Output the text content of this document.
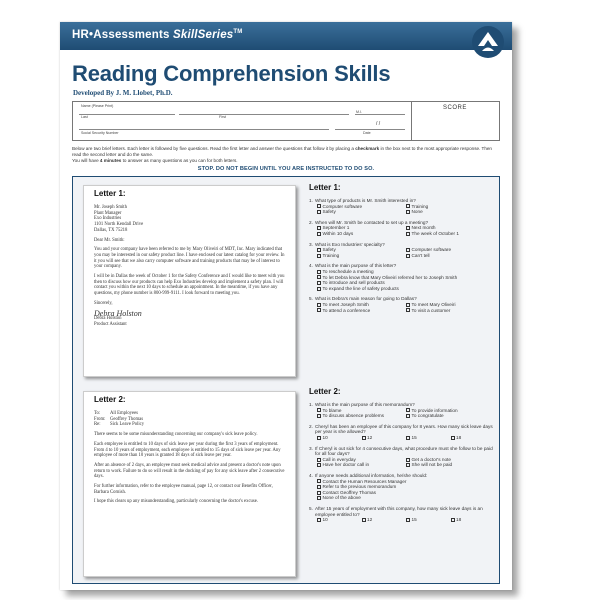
HR•Assessments SkillSeries™
Reading Comprehension Skills
Developed By J. M. Llobet, Ph.D.
Name (Please Print)
Last	First
M.I.
/ /
Social Security Number	Date
SCORE
Below are two brief letters. Each letter is followed by five questions. Read the first letter and answer the questions that follow it by placing a checkmark in the box next to the most appropriate response. Then read the second letter and do the same.
You will have 4 minutes to answer as many questions as you can for both letters.
STOP. DO NOT BEGIN UNTIL YOU ARE INSTRUCTED TO DO SO.
Letter 1:

Mr. Joseph Smith
Plant Manager
Exo Industries
1101 North Kendall Drive
Dallas, TX 75218

Dear Mr. Smith:

You and your company have been referred to me by Mary Oliveiri of MDT, Inc. Mary indicated that you may be interested in our safety product line. I have enclosed our latest catalog for your review. In it you will see that we also carry computer software and training products that may be of interest to your company.

I will be in Dallas the week of October 1 for the Safety Conference and I would like to meet with you then to discuss how our products can help Exo Industries develop and implement a safety plan. I will contact you within the next 10 days to schedule an appointment. In the meantime, if you have any questions, my phone number is 800-999-9111. I look forward to meeting you.

Sincerely,

Debra Holston
Debra Holston
Product Assistant
Letter 2:

To: All Employees
From: Geoffrey Thomas
Re: Sick Leave Policy

There seems to be some misunderstanding concerning our company's sick leave policy.

Each employee is entitled to 10 days of sick leave per year during the first 3 years of employment. From 4 to 10 years of employment, each employee is entitled to 15 days of sick leave per year. Any employee of more than 10 years is granted 18 days of sick leave per year.

After an absence of 2 days, an employee must seek medical advice and present a doctor's note upon return to work. Failure to do so will result in the docking of pay for any sick leave after 2 consecutive days.

For further information, refer to the employee manual, page 12, or contact our Benefits Officer, Barbara Cornish.

I hope this clears up any misunderstanding, particularly concerning the doctor's excuse.

Letter 1:
1. What type of products is Mr. Smith interested in?
Computer software	Training
Safety	None
2. When will Mr. Smith be contacted to set up a meeting?
September 1	Next month
Within 10 days	The week of October 1
3. What is Exo Industries' specialty?
Safety	Computer software
Training	Can't tell
4. What is the main purpose of this letter?
To reschedule a meeting
To let Debra know that Mary Oliveiri referred her to Joseph Smith
To introduce and sell products
To expand the line of safety products
5. What is Debra's main reason for going to Dallas?
To meet Joseph Smith	To meet Mary Oliveiri
To attend a conference	To visit a customer
Letter 2:
1. What is the main purpose of this memorandum?
To blame	To provide information
To discuss absence problems	To congratulate
2. Cheryl has been an employee of this company for 8 years. How many sick leave days per year is she allowed?
10	12	15	18
3. If Cheryl is out sick for 4 consecutive days, what procedure must she follow to be paid for all four days?
Call in everyday	Get a doctor's note
Have her doctor call in	She will not be paid
4. If anyone needs additional information, he/she should:
Contact the Human Resources Manager
Refer to the previous memorandum
Contact Geoffrey Thomas
None of the above
5. After 15 years of employment with this company, how many sick leave days is an employee entitled to?
10	12	15	18
